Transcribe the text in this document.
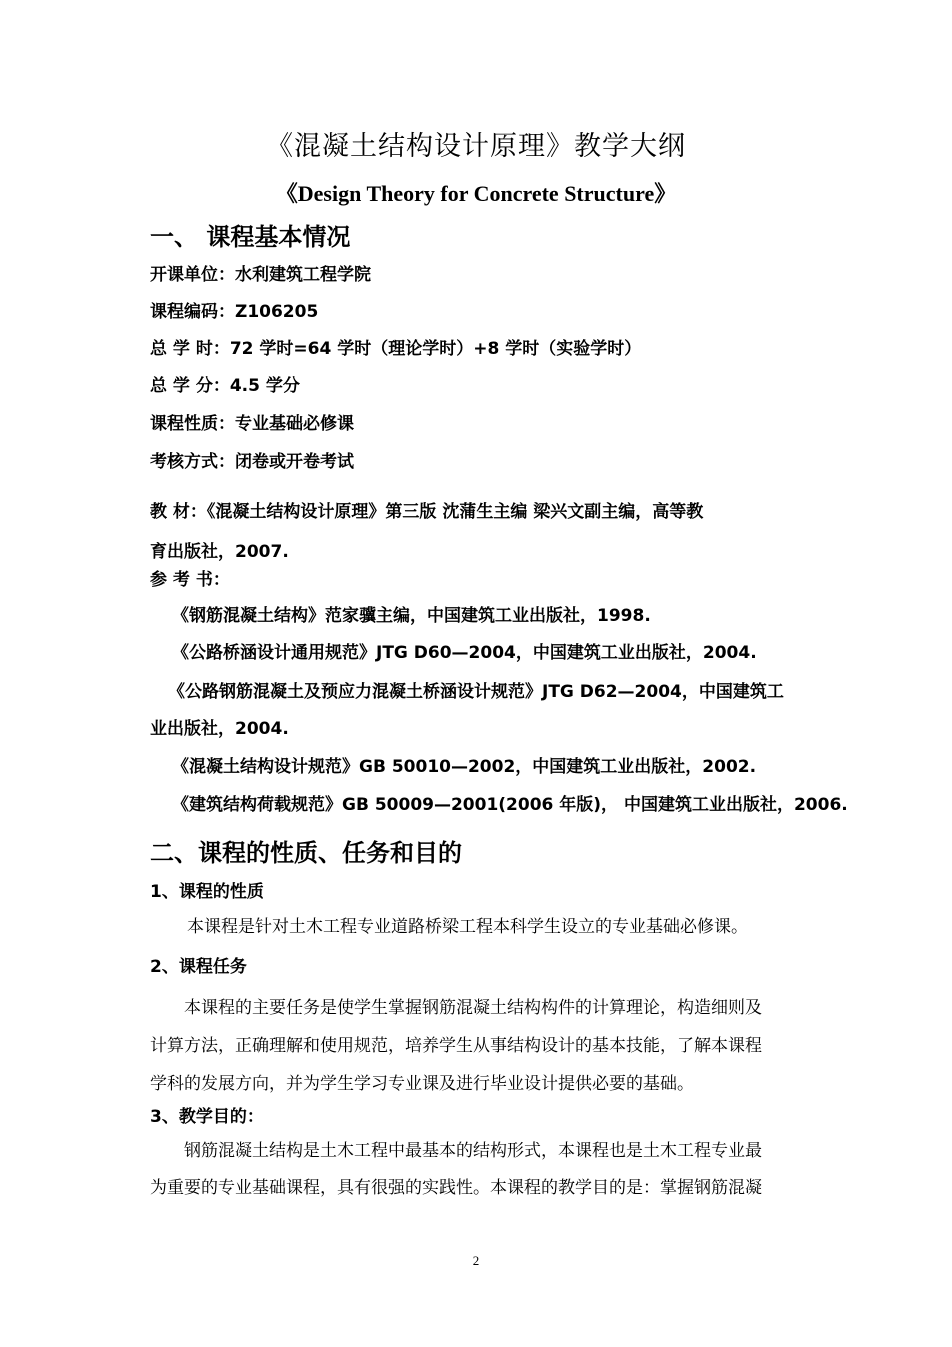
《混凝土结构设计原理》教学大纲
《Design Theory for Concrete Structure》
一、 课程基本情况
开课单位：水利建筑工程学院
课程编码：Z106205
总 学 时：72 学时=64 学时（理论学时）+8 学时（实验学时）
总 学 分：4.5 学分
课程性质：专业基础必修课
考核方式：闭卷或开卷考试
教 材：《混凝土结构设计原理》第三版 沈蒲生主编 梁兴文副主编，高等教
育出版社，2007.
参 考 书：
《钢筋混凝土结构》范家骥主编，中国建筑工业出版社，1998.
《公路桥涵设计通用规范》JTG D60—2004，中国建筑工业出版社，2004.
《公路钢筋混凝土及预应力混凝土桥涵设计规范》JTG D62—2004，中国建筑工
业出版社，2004.
《混凝土结构设计规范》GB 50010—2002，中国建筑工业出版社，2002.
《建筑结构荷载规范》GB 50009—2001(2006 年版)， 中国建筑工业出版社，2006.
二、课程的性质、任务和目的
1、课程的性质
本课程是针对土木工程专业道路桥梁工程本科学生设立的专业基础必修课。
2、课程任务
本课程的主要任务是使学生掌握钢筋混凝土结构构件的计算理论，构造细则及
计算方法，正确理解和使用规范，培养学生从事结构设计的基本技能，了解本课程
学科的发展方向，并为学生学习专业课及进行毕业设计提供必要的基础。
3、教学目的：
钢筋混凝土结构是土木工程中最基本的结构形式，本课程也是土木工程专业最
为重要的专业基础课程，具有很强的实践性。本课程的教学目的是：掌握钢筋混凝
2
